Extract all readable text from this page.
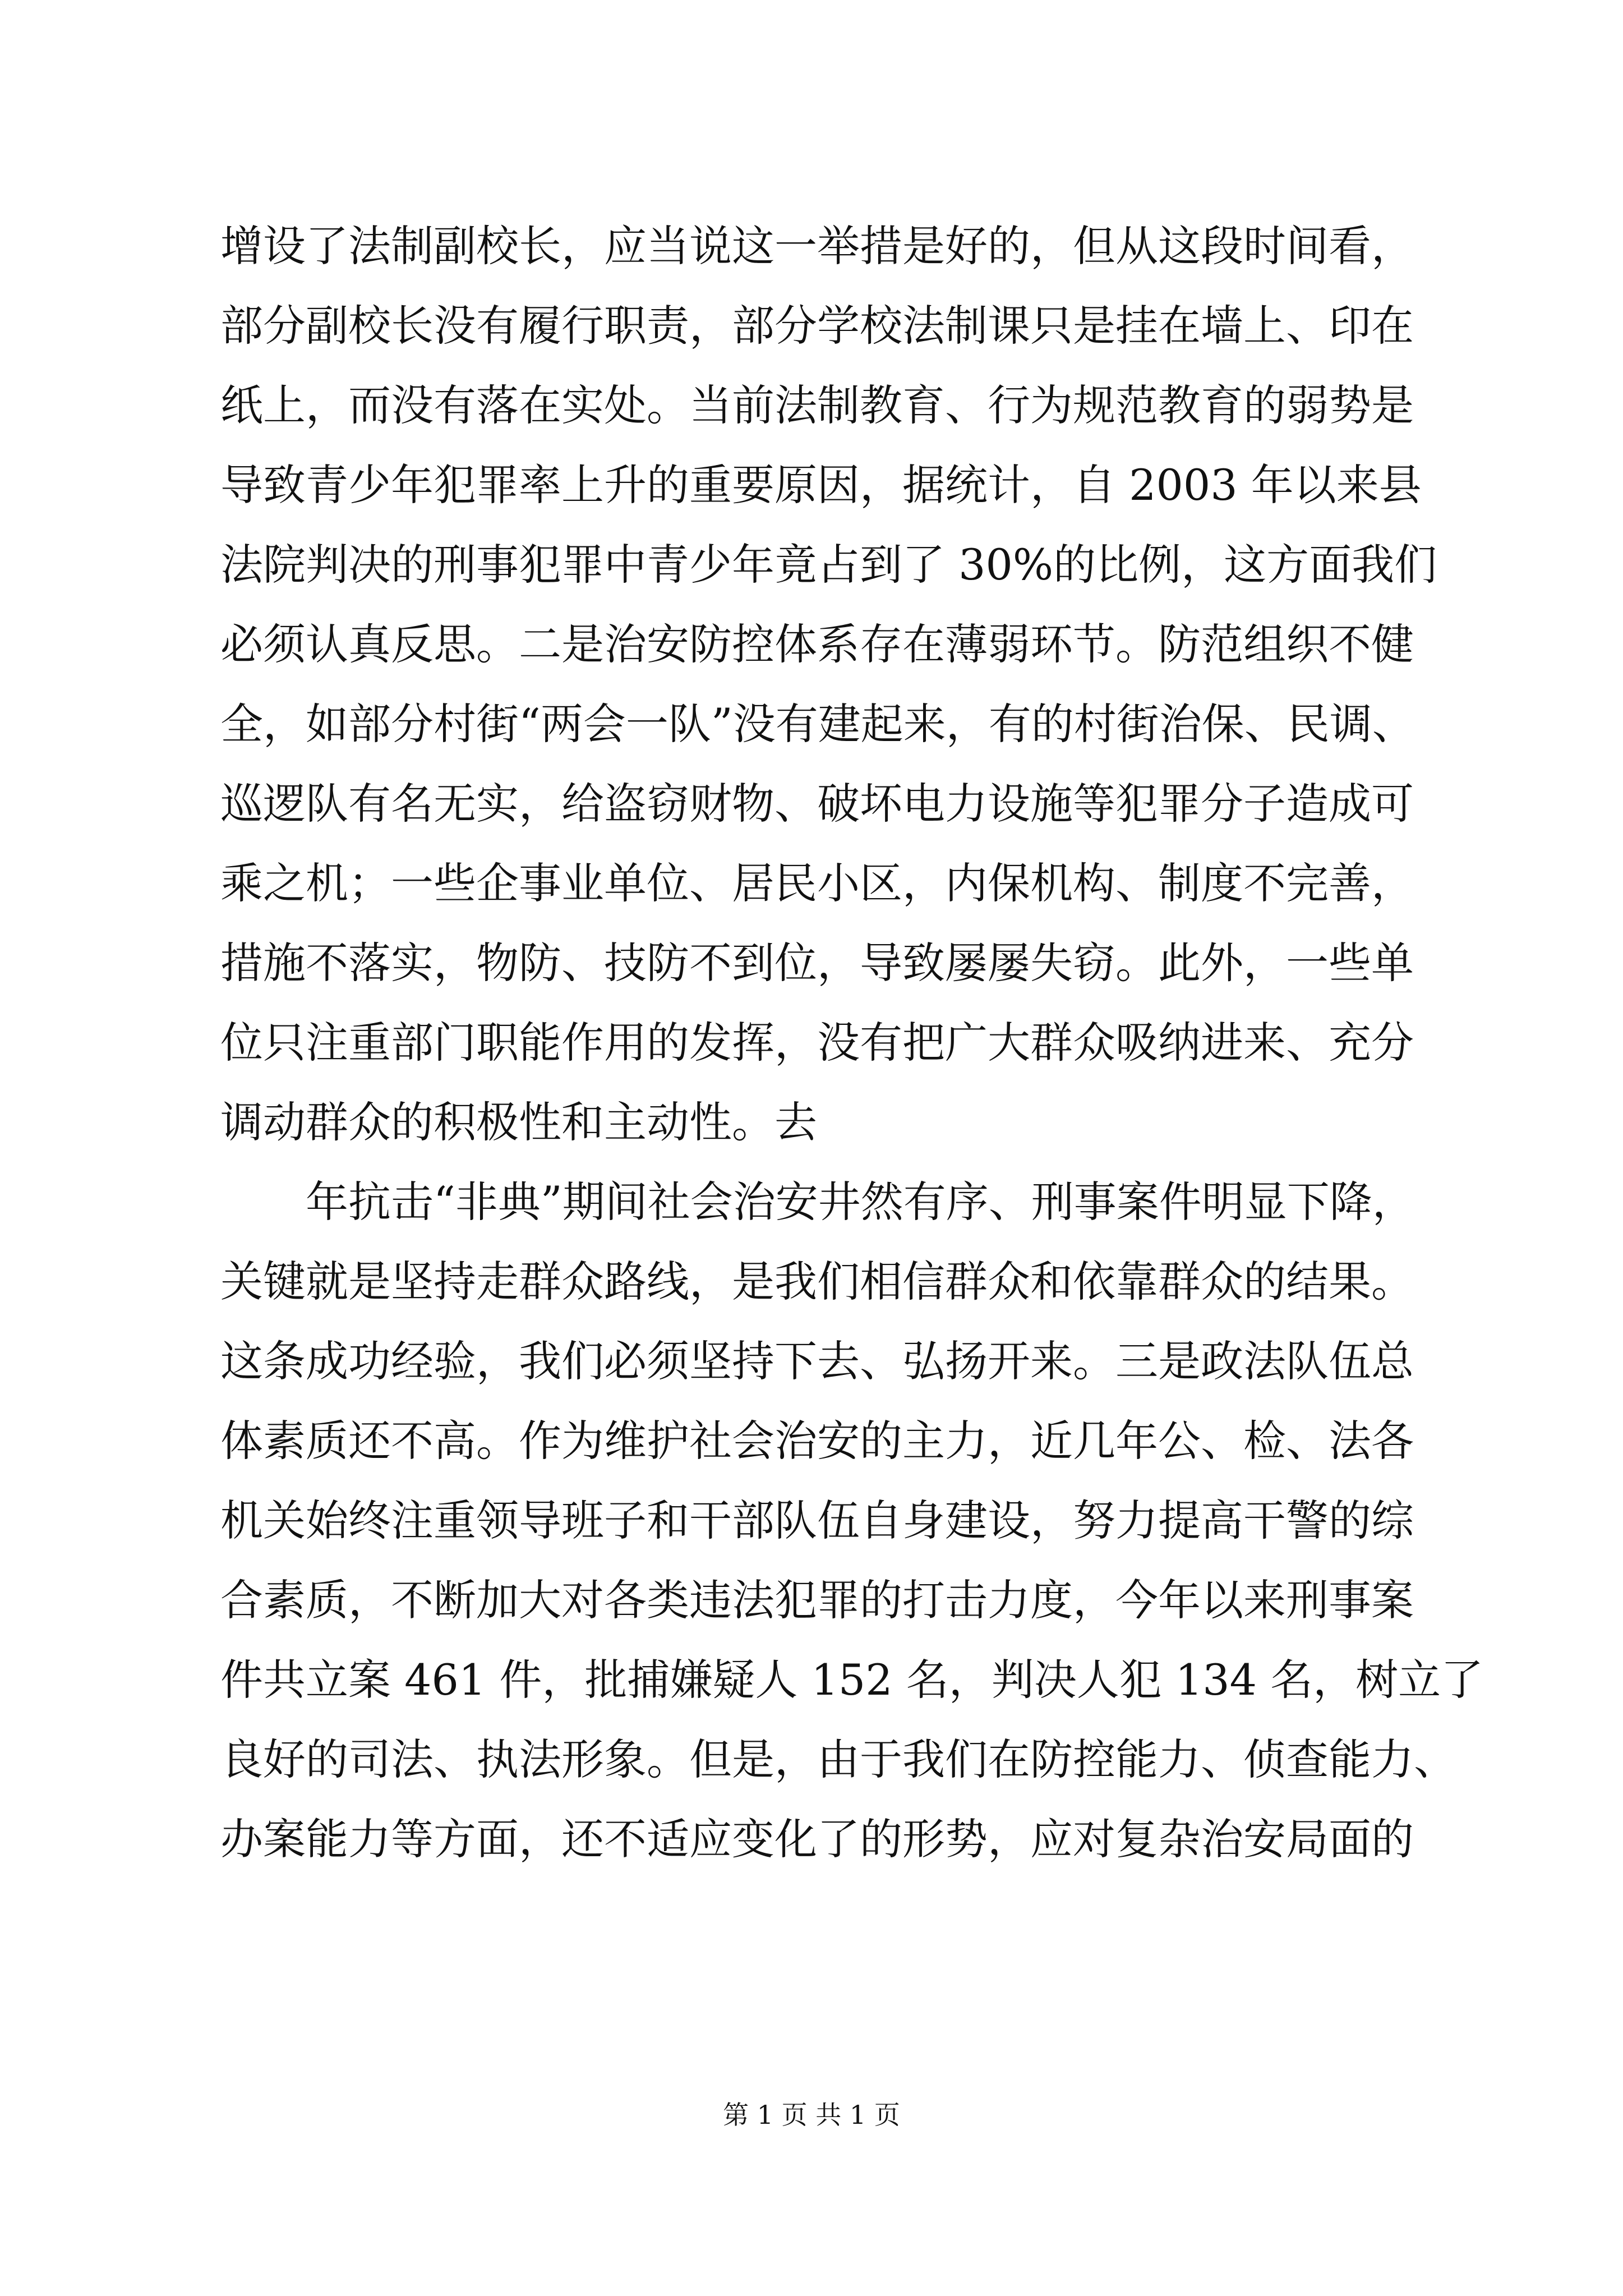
增设了法制副校长，应当说这一举措是好的，但从这段时间看，
部分副校长没有履行职责，部分学校法制课只是挂在墙上、印在
纸上，而没有落在实处。当前法制教育、行为规范教育的弱势是
导致青少年犯罪率上升的重要原因，据统计，自 2003 年以来县
法院判决的刑事犯罪中青少年竟占到了 30%的比例，这方面我们
必须认真反思。二是治安防控体系存在薄弱环节。防范组织不健
全，如部分村街“两会一队”没有建起来，有的村街治保、民调、
巡逻队有名无实，给盗窃财物、破坏电力设施等犯罪分子造成可
乘之机；一些企事业单位、居民小区，内保机构、制度不完善，
措施不落实，物防、技防不到位，导致屡屡失窃。此外，一些单
位只注重部门职能作用的发挥，没有把广大群众吸纳进来、充分
调动群众的积极性和主动性。去
年抗击“非典”期间社会治安井然有序、刑事案件明显下降，
关键就是坚持走群众路线，是我们相信群众和依靠群众的结果。
这条成功经验，我们必须坚持下去、弘扬开来。三是政法队伍总
体素质还不高。作为维护社会治安的主力，近几年公、检、法各
机关始终注重领导班子和干部队伍自身建设，努力提高干警的综
合素质，不断加大对各类违法犯罪的打击力度，今年以来刑事案
件共立案 461 件，批捕嫌疑人 152 名，判决人犯 134 名，树立了
良好的司法、执法形象。但是，由于我们在防控能力、侦查能力、
办案能力等方面，还不适应变化了的形势，应对复杂治安局面的
第 1 页 共 1 页
